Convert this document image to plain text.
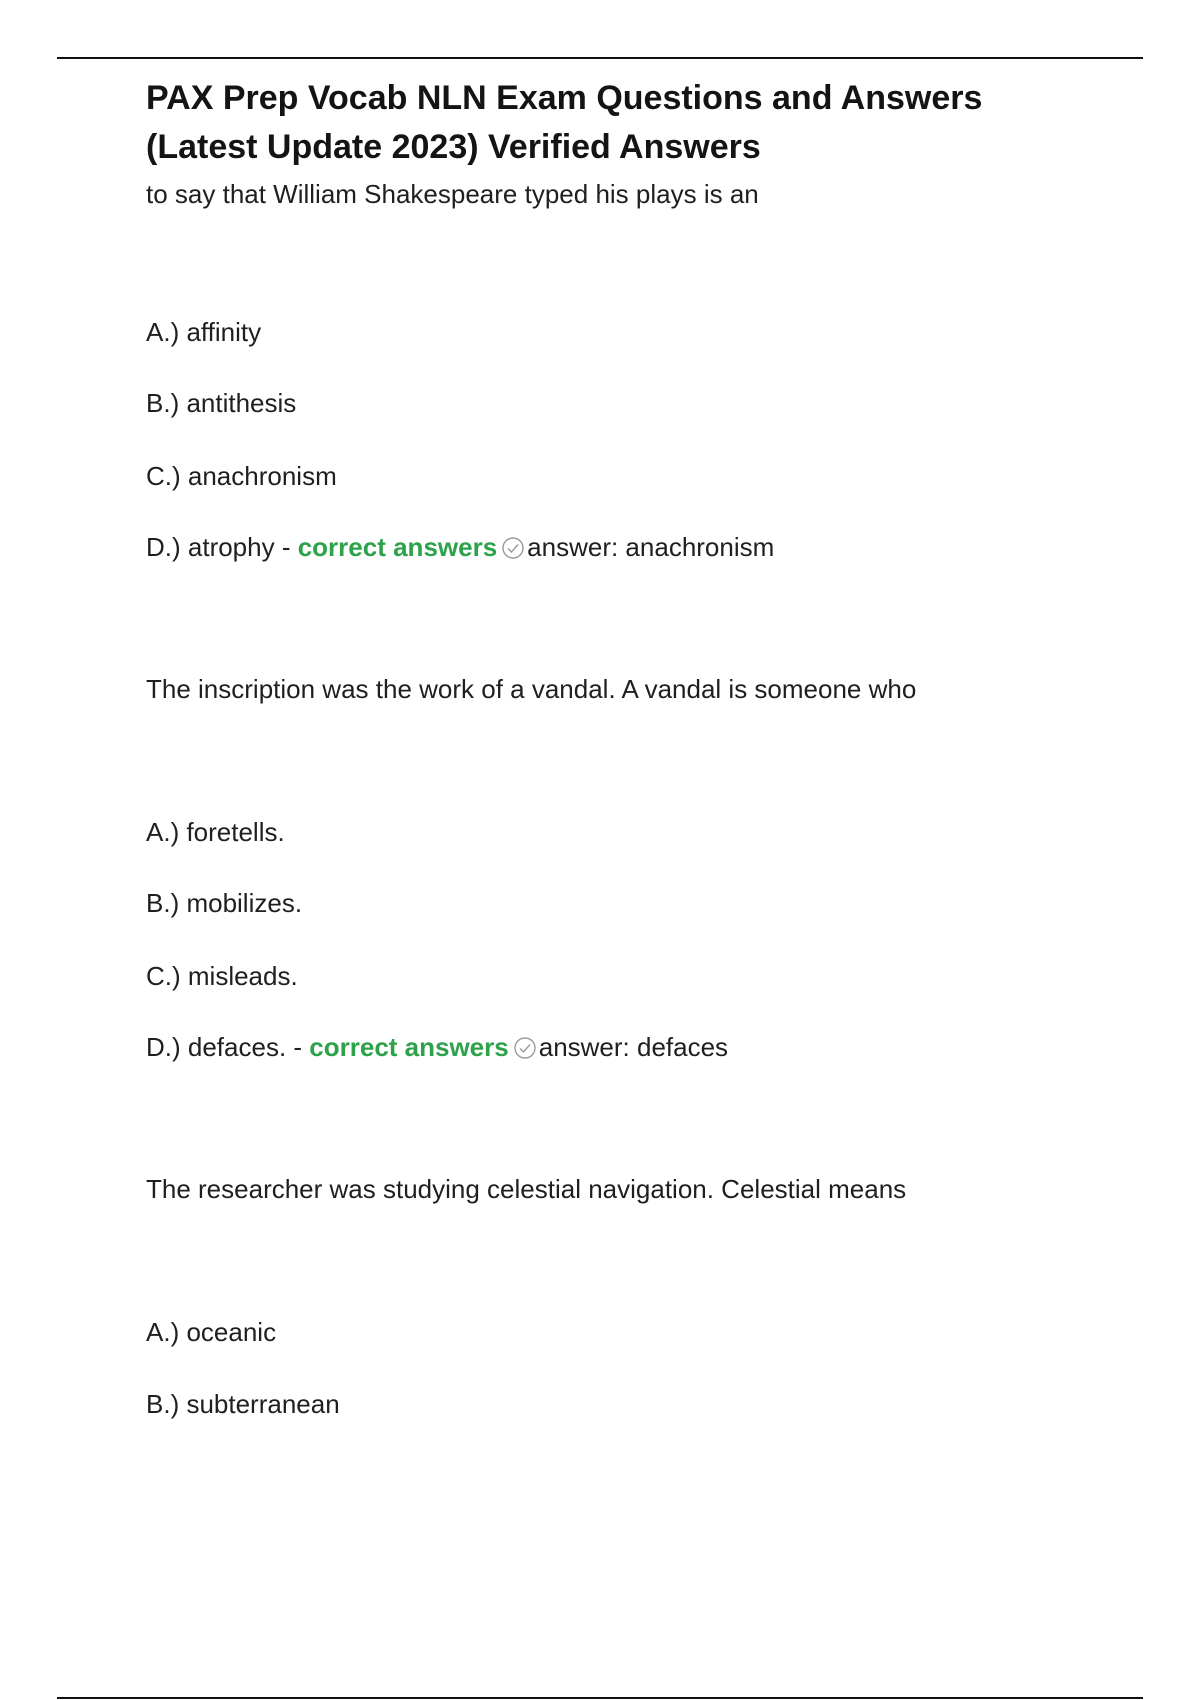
PAX Prep Vocab NLN Exam Questions and Answers
(Latest Update 2023) Verified Answers
to say that William Shakespeare typed his plays is an
A.) affinity
B.) antithesis
C.) anachronism
D.) atrophy - correct answers answer: anachronism
The inscription was the work of a vandal. A vandal is someone who
A.) foretells.
B.) mobilizes.
C.) misleads.
D.) defaces. - correct answers answer: defaces
The researcher was studying celestial navigation. Celestial means
A.) oceanic
B.) subterranean
